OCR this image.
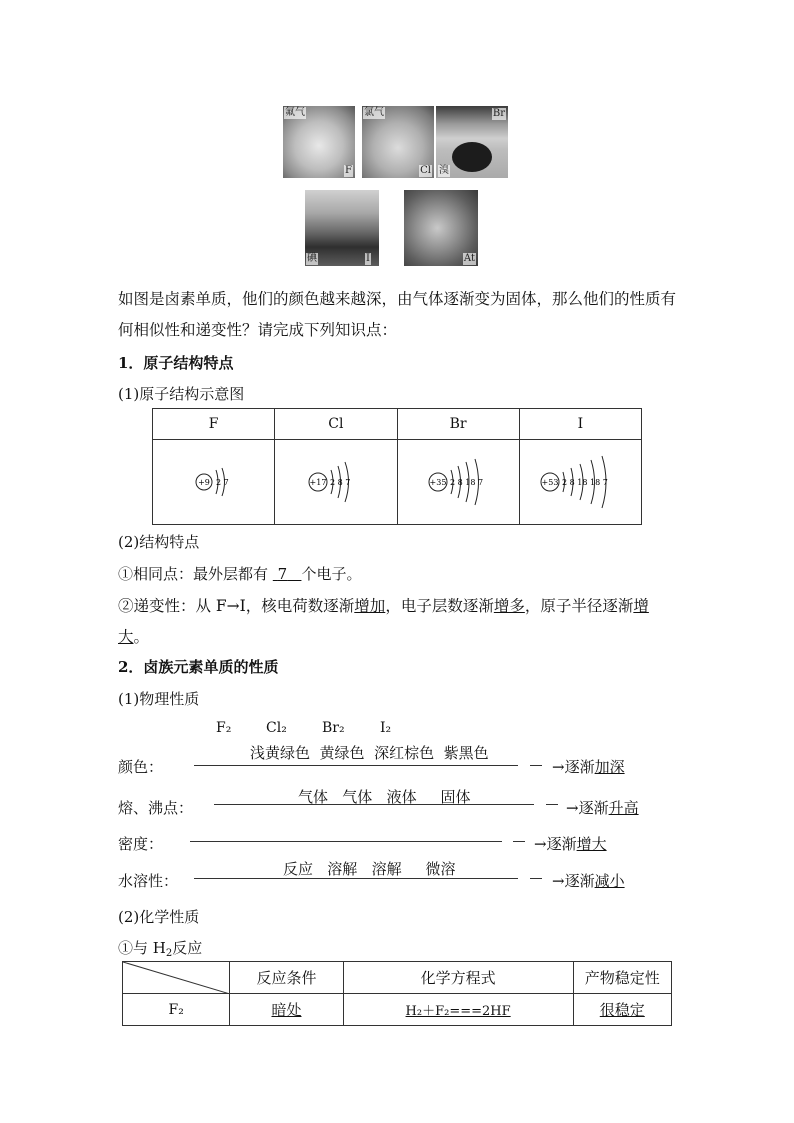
氟气
F
氯气
Cl
Br
溴
碘	I	At
如图是卤素单质，他们的颜色越来越深，由气体逐渐变为固体，那么他们的性质有何相似性和递变性？请完成下列知识点：
1．原子结构特点
(1)原子结构示意图
F	Cl	Br	I

+9 2 7	+17 2 8 7	+35 2 8 18 7	+53 2 8 18 18 7
(2)结构特点
①相同点：最外层都有 7 个电子。
②递变性：从 F→I，核电荷数逐渐增加，电子层数逐渐增多，原子半径逐渐增
大。
2．卤族元素单质的性质
(1)物理性质
F₂ Cl₂	Br₂	I₂
浅黄绿色  黄绿色  深红棕色  紫黑色
颜色：	→逐渐加深
气体   气体   液体     固体
熔、沸点：	→逐渐升高
密度：	→逐渐增大
反应   溶解   溶解     微溶
水溶性：	→逐渐减小
(2)化学性质
①与 $H_2$反应
	反应条件	化学方程式	产物稳定性
F₂	暗处	H₂＋F₂===2HF	很稳定
